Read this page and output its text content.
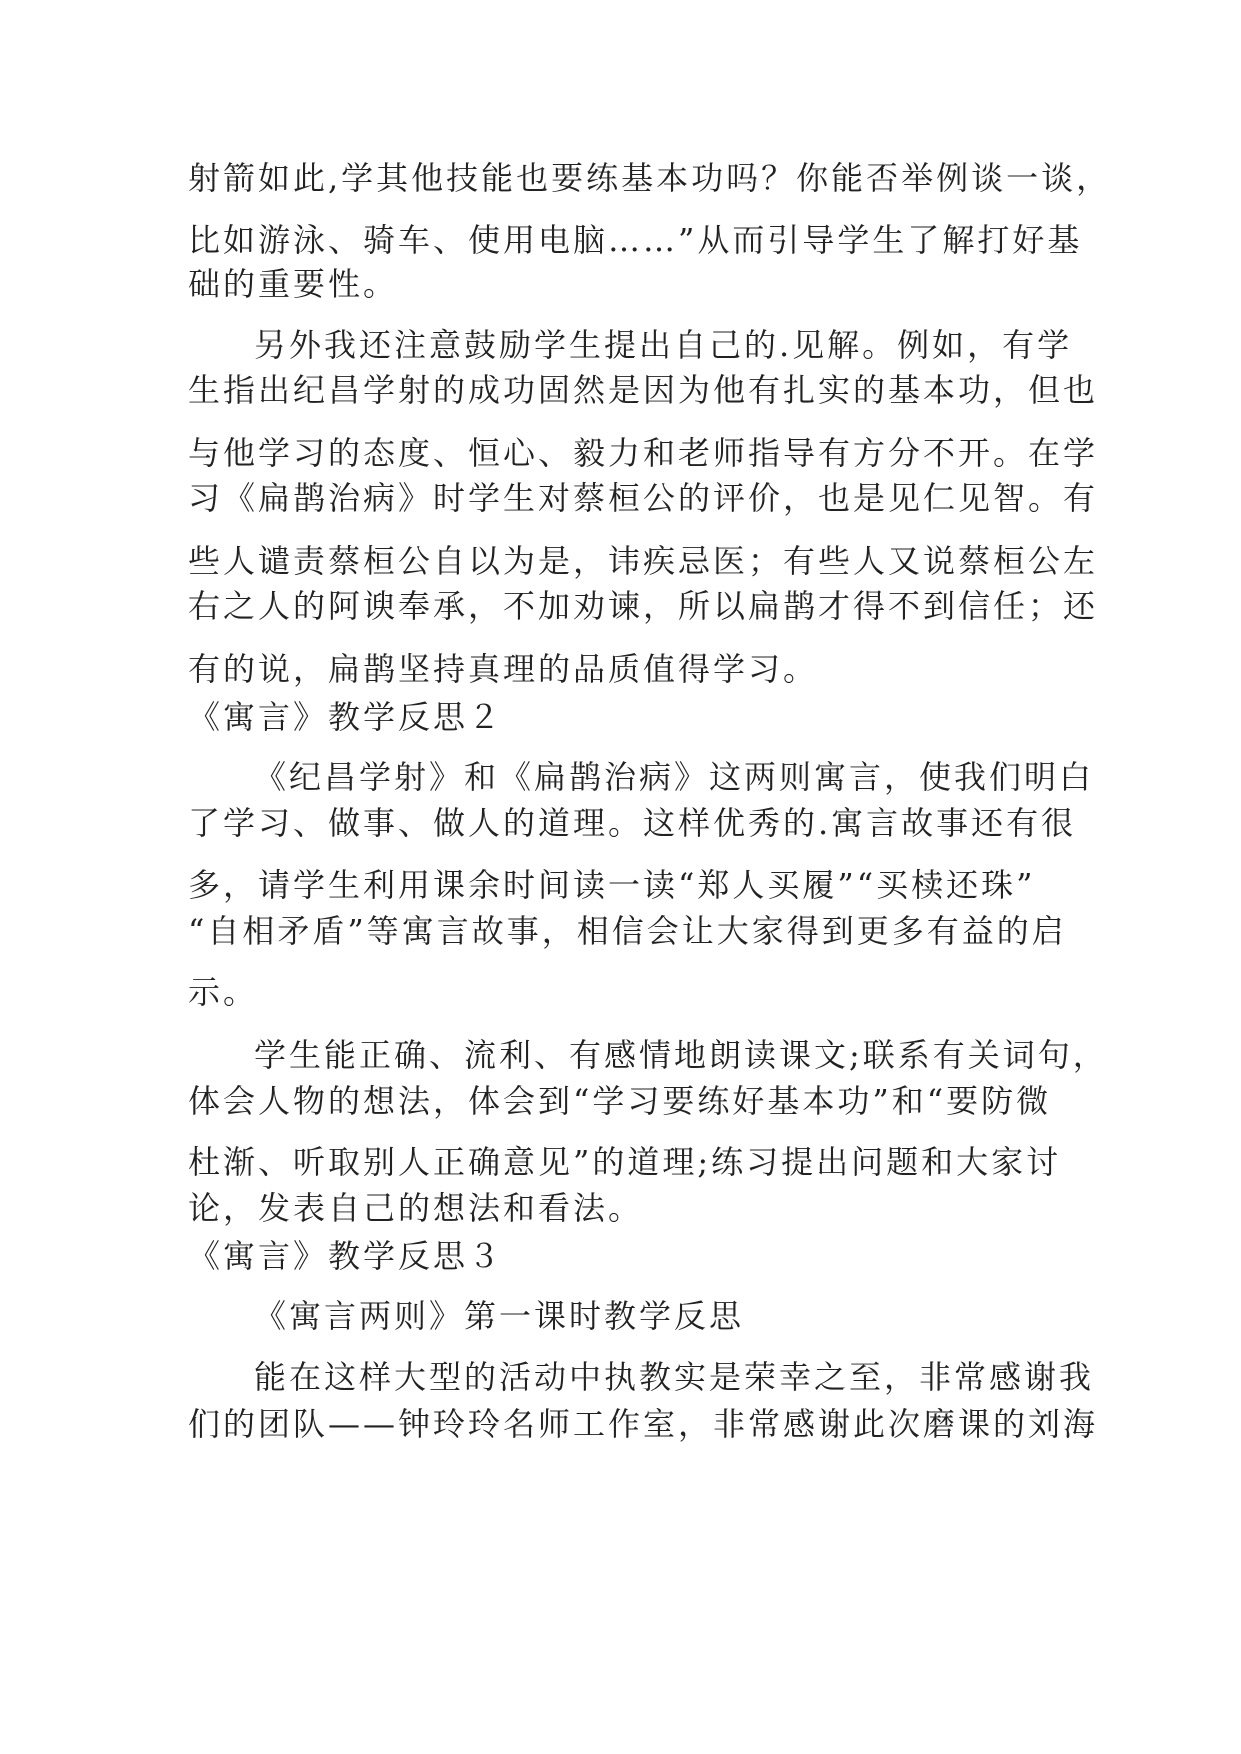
射箭如此,学其他技能也要练基本功吗？你能否举例谈一谈，
比如游泳、骑车、使用电脑……”从而引导学生了解打好基
础的重要性。
另外我还注意鼓励学生提出自己的.见解。例如，有学
生指出纪昌学射的成功固然是因为他有扎实的基本功，但也
与他学习的态度、恒心、毅力和老师指导有方分不开。在学
习《扁鹊治病》时学生对蔡桓公的评价，也是见仁见智。有
些人谴责蔡桓公自以为是，讳疾忌医；有些人又说蔡桓公左
右之人的阿谀奉承，不加劝谏，所以扁鹊才得不到信任；还
有的说，扁鹊坚持真理的品质值得学习。
《寓言》教学反思２
《纪昌学射》和《扁鹊治病》这两则寓言，使我们明白
了学习、做事、做人的道理。这样优秀的.寓言故事还有很
多，请学生利用课余时间读一读“郑人买履”“买椟还珠”
“自相矛盾”等寓言故事，相信会让大家得到更多有益的启
示。
学生能正确、流利、有感情地朗读课文;联系有关词句，
体会人物的想法，体会到“学习要练好基本功”和“要防微
杜渐、听取别人正确意见”的道理;练习提出问题和大家讨
论，发表自己的想法和看法。
《寓言》教学反思３
《寓言两则》第一课时教学反思
能在这样大型的活动中执教实是荣幸之至，非常感谢我
们的团队——钟玲玲名师工作室，非常感谢此次磨课的刘海
